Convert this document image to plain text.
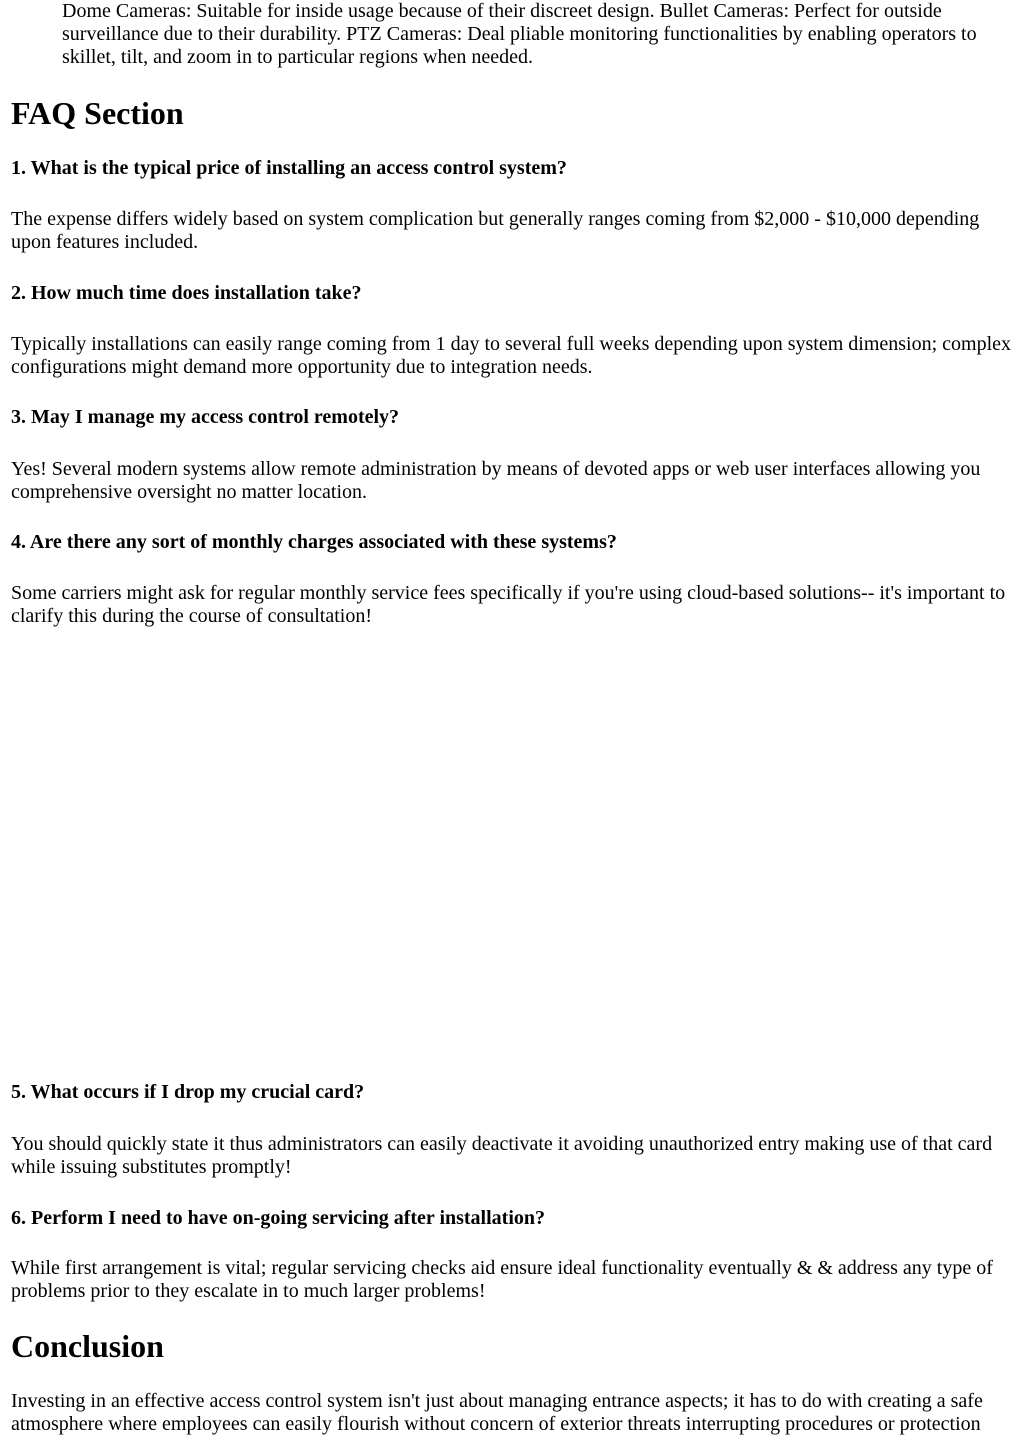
Dome Cameras: Suitable for inside usage because of their discreet design. Bullet Cameras: Perfect for outside surveillance due to their durability. PTZ Cameras: Deal pliable monitoring functionalities by enabling operators to skillet, tilt, and zoom in to particular regions when needed.

FAQ Section
1. What is the typical price of installing an access control system?

The expense differs widely based on system complication but generally ranges coming from $2,000 - $10,000 depending upon features included.

2. How much time does installation take?

Typically installations can easily range coming from 1 day to several full weeks depending upon system dimension; complex configurations might demand more opportunity due to integration needs.

3. May I manage my access control remotely?

Yes! Several modern systems allow remote administration by means of devoted apps or web user interfaces allowing you comprehensive oversight no matter location.

4. Are there any sort of monthly charges associated with these systems?

Some carriers might ask for regular monthly service fees specifically if you're using cloud-based solutions-- it's important to clarify this during the course of consultation!

5. What occurs if I drop my crucial card?

You should quickly state it thus administrators can easily deactivate it avoiding unauthorized entry making use of that card while issuing substitutes promptly!

6. Perform I need to have on-going servicing after installation?

While first arrangement is vital; regular servicing checks aid ensure ideal functionality eventually & & address any type of problems prior to they escalate in to much larger problems!

Conclusion

Investing in an effective access control system isn't just about managing entrance aspects; it has to do with creating a safe atmosphere where employees can easily flourish without concern of exterior threats interrupting procedures or protection
